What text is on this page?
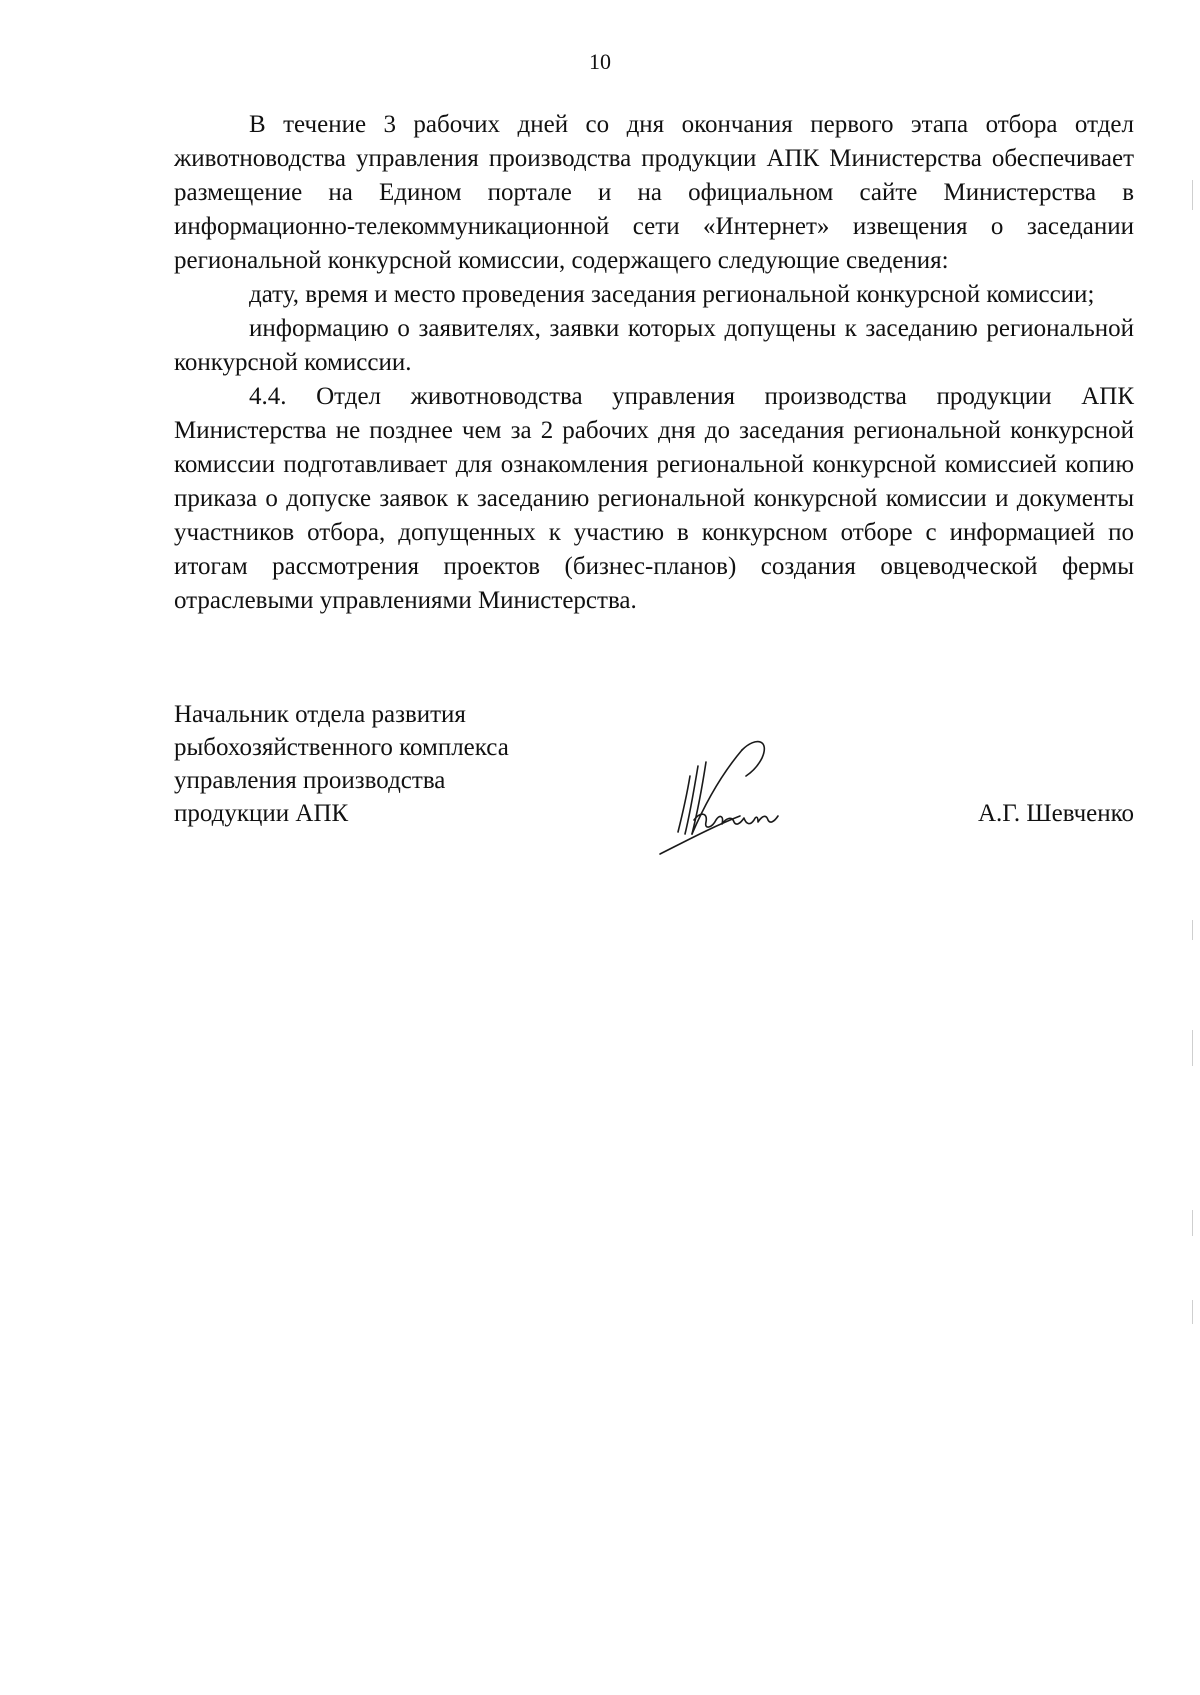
10

В течение 3 рабочих дней со дня окончания первого этапа отбора отдел животноводства управления производства продукции АПК Министерства обеспечивает размещение на Едином портале и на официальном сайте Министерства в информационно-телекоммуникационной сети «Интернет» извещения о заседании региональной конкурсной комиссии, содержащего следующие сведения:

дату, время и место проведения заседания региональной конкурсной комиссии;

информацию о заявителях, заявки которых допущены к заседанию региональной конкурсной комиссии.

4.4. Отдел животноводства управления производства продукции АПК Министерства не позднее чем за 2 рабочих дня до заседания региональной конкурсной комиссии подготавливает для ознакомления региональной конкурсной комиссией копию приказа о допуске заявок к заседанию региональной конкурсной комиссии и документы участников отбора, допущенных к участию в конкурсном отборе с информацией по итогам рассмотрения проектов (бизнес-планов) создания овцеводческой фермы отраслевыми управлениями Министерства.

Начальник отдела развития
рыбохозяйственного комплекса
управления производства
продукции АПК	А.Г. Шевченко
